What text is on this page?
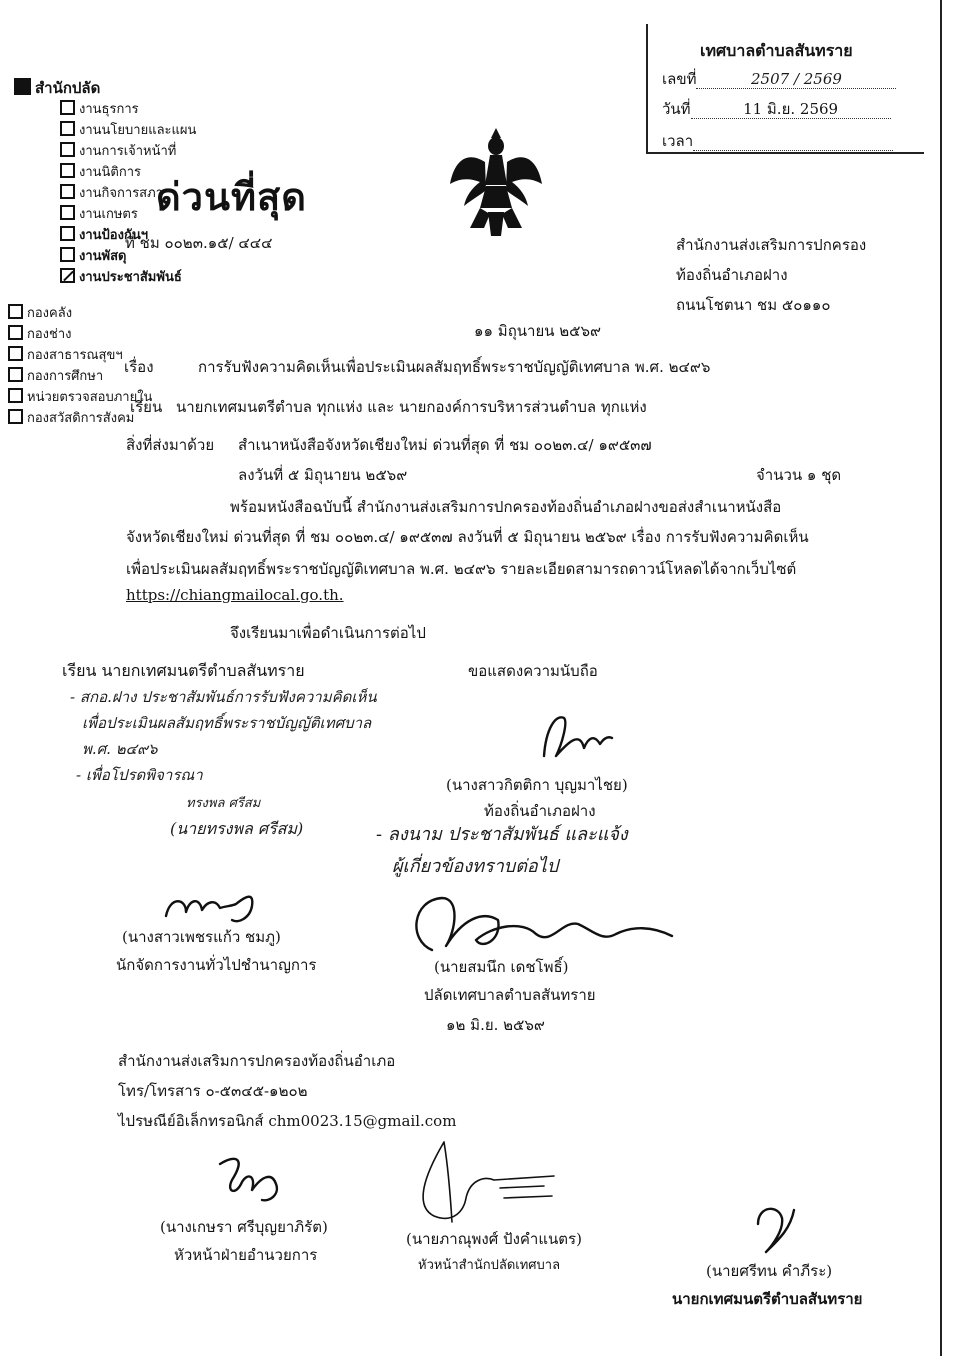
เทศบาลตำบลสันทราย
เลขที่	2507 / 2569
วันที่	11 มิ.ย. 2569
เวลา
สำนักปลัด
งานธุรการ
งานนโยบายและแผน
งานการเจ้าหน้าที่
งานนิติการ
งานกิจการสภา
งานเกษตร
งานป้องกันฯ
งานพัสดุ
งานประชาสัมพันธ์
กองคลัง
กองช่าง
กองสาธารณสุขฯ
กองการศึกษา
หน่วยตรวจสอบภายใน
กองสวัสดิการสังคม
ด่วนที่สุด
ที่ ชม ๐๐๒๓.๑๕/ ๔๔๔	สำนักงานส่งเสริมการปกครอง
ท้องถิ่นอำเภอฝาง
ถนนโชตนา ชม ๕๐๑๑๐
๑๑ มิถุนายน ๒๕๖๙
เรื่อง	การรับฟังความคิดเห็นเพื่อประเมินผลสัมฤทธิ์พระราชบัญญัติเทศบาล พ.ศ. ๒๔๙๖
เรียน นายกเทศมนตรีตำบล ทุกแห่ง และ นายกองค์การบริหารส่วนตำบล ทุกแห่ง
สิ่งที่ส่งมาด้วย สำเนาหนังสือจังหวัดเชียงใหม่ ด่วนที่สุด ที่ ชม ๐๐๒๓.๔/ ๑๙๕๓๗
ลงวันที่ ๕ มิถุนายน ๒๕๖๙	จำนวน ๑ ชุด
พร้อมหนังสือฉบับนี้ สำนักงานส่งเสริมการปกครองท้องถิ่นอำเภอฝางขอส่งสำเนาหนังสือ
จังหวัดเชียงใหม่ ด่วนที่สุด ที่ ชม ๐๐๒๓.๔/ ๑๙๕๓๗ ลงวันที่ ๕ มิถุนายน ๒๕๖๙ เรื่อง การรับฟังความคิดเห็น
เพื่อประเมินผลสัมฤทธิ์พระราชบัญญัติเทศบาล พ.ศ. ๒๔๙๖ รายละเอียดสามารถดาวน์โหลดได้จากเว็บไซต์
https://chiangmailocal.go.th.
จึงเรียนมาเพื่อดำเนินการต่อไป
ขอแสดงความนับถือ
เรียน นายกเทศมนตรีตำบลสันทราย
- สกอ.ฝาง ประชาสัมพันธ์การรับฟังความคิดเห็น
เพื่อประเมินผลสัมฤทธิ์พระราชบัญญัติเทศบาล
พ.ศ. ๒๔๙๖
- เพื่อโปรดพิจารณา
ทรงพล ศรีสม
(นายทรงพล ศรีสม)
(นางสาวกิตติกา บุญมาไชย)
ท้องถิ่นอำเภอฝาง
- ลงนาม ประชาสัมพันธ์ และแจ้ง
ผู้เกี่ยวข้องทราบต่อไป
(นางสาวเพชรแก้ว ชมภู)
นักจัดการงานทั่วไปชำนาญการ	(นายสมนึก เดชโพธิ์)
ปลัดเทศบาลตำบลสันทราย
๑๒ มิ.ย. ๒๕๖๙
สำนักงานส่งเสริมการปกครองท้องถิ่นอำเภอ
โทร/โทรสาร ๐-๕๓๔๕-๑๒๐๒
ไปรษณีย์อิเล็กทรอนิกส์ chm0023.15@gmail.com
(นางเกษรา ศรีบุญยาภิรัต)
หัวหน้าฝ่ายอำนวยการ
(นายภาณุพงศ์ ปังคำแนตร)
หัวหน้าสำนักปลัดเทศบาล	(นายศรีทน คำภีระ)
นายกเทศมนตรีตำบลสันทราย
